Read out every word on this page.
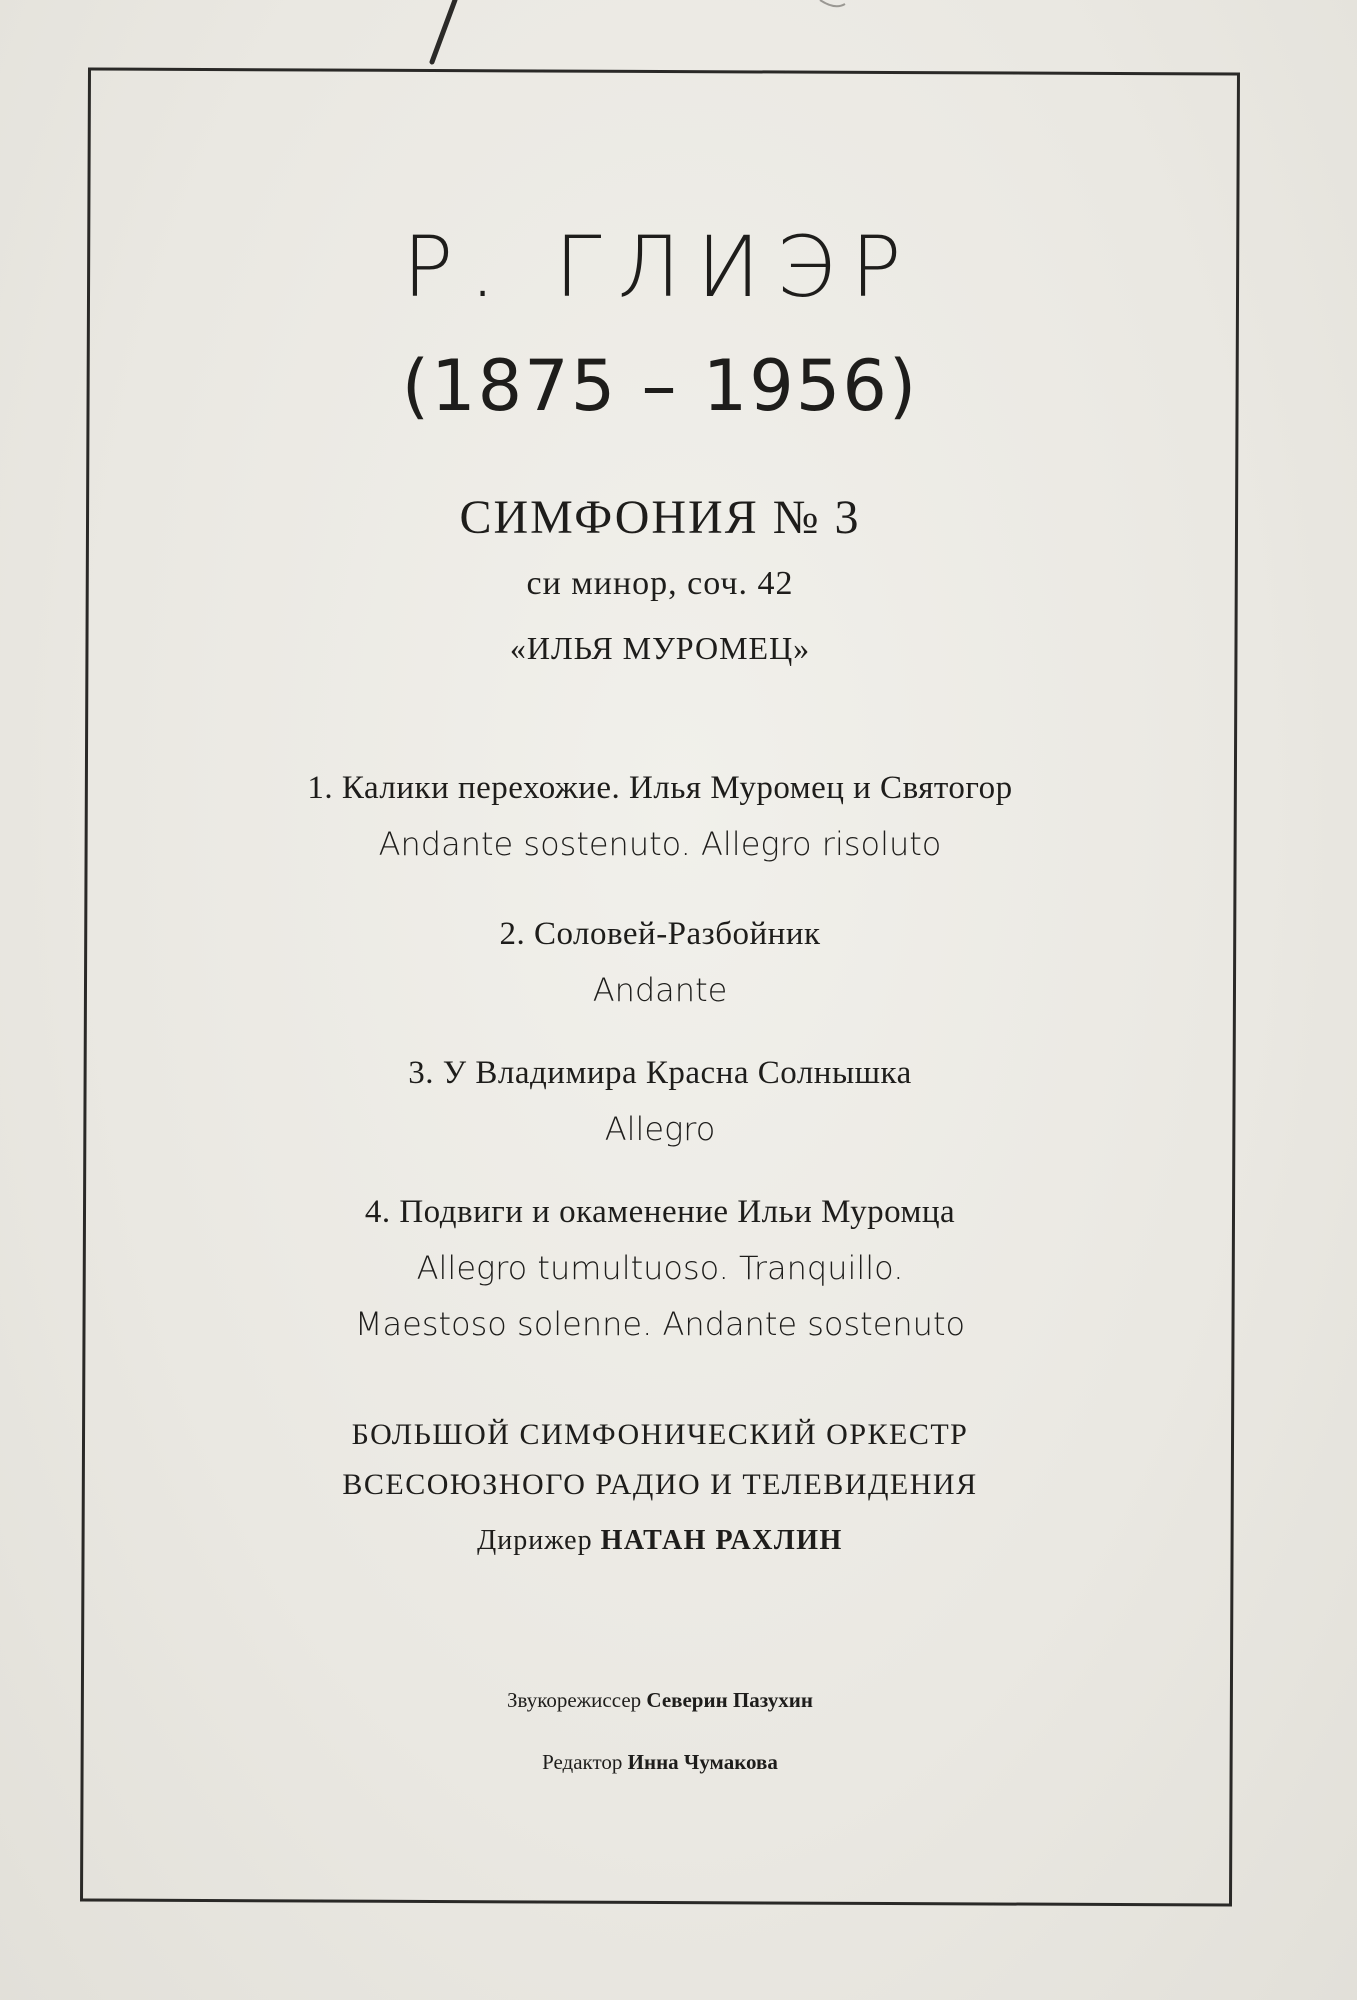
Р. ГЛИЭР
(1875 – 1956)
СИМФОНИЯ № 3
си минор, соч. 42
«ИЛЬЯ МУРОМЕЦ»
1. Калики перехожие. Илья Муромец и Святогор
Andante sostenuto. Allegro risoluto
2. Соловей-Разбойник
Andante
3. У Владимира Красна Солнышка
Allegro
4. Подвиги и окаменение Ильи Муромца
Allegro tumultuoso. Tranquillo.
Maestoso solenne. Andante sostenuto
БОЛЬШОЙ СИМФОНИЧЕСКИЙ ОРКЕСТР
ВСЕСОЮЗНОГО РАДИО И ТЕЛЕВИДЕНИЯ
Дирижер НАТАН РАХЛИН
Звукорежиссер Северин Пазухин
Редактор Инна Чумакова
